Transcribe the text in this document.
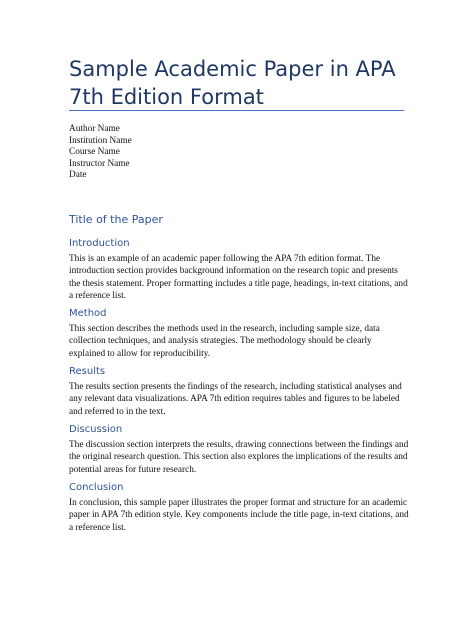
Sample Academic Paper in APA 7th Edition Format
Author Name
Institution Name
Course Name
Instructor Name
Date
Title of the Paper
Introduction

This is an example of an academic paper following the APA 7th edition format. The introduction section provides background information on the research topic and presents the thesis statement. Proper formatting includes a title page, headings, in-text citations, and a reference list.

Method

This section describes the methods used in the research, including sample size, data collection techniques, and analysis strategies. The methodology should be clearly explained to allow for reproducibility.

Results

The results section presents the findings of the research, including statistical analyses and any relevant data visualizations. APA 7th edition requires tables and figures to be labeled and referred to in the text.

Discussion

The discussion section interprets the results, drawing connections between the findings and the original research question. This section also explores the implications of the results and potential areas for future research.

Conclusion

In conclusion, this sample paper illustrates the proper format and structure for an academic paper in APA 7th edition style. Key components include the title page, in-text citations, and a reference list.
